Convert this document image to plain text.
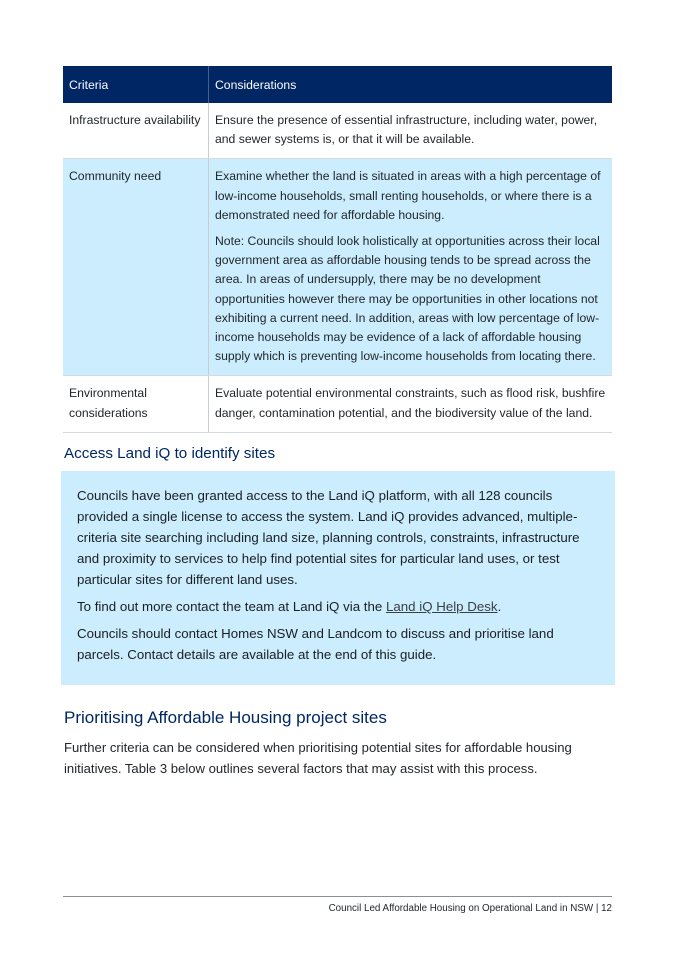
Criteria	Considerations
Infrastructure availability	Ensure the presence of essential infrastructure, including water, power, and sewer systems is, or that it will be available.

Community need	Examine whether the land is situated in areas with a high percentage of low-income households, small renting households, or where there is a demonstrated need for affordable housing.

Note: Councils should look holistically at opportunities across their local government area as affordable housing tends to be spread across the area. In areas of undersupply, there may be no development opportunities however there may be opportunities in other locations not exhibiting a current need. In addition, areas with low percentage of low-income households may be evidence of a lack of affordable housing supply which is preventing low-income households from locating there.

Environmental considerations	Evaluate potential environmental constraints, such as flood risk, bushfire danger, contamination potential, and the biodiversity value of the land.

Access Land iQ to identify sites

Councils have been granted access to the Land iQ platform, with all 128 councils provided a single license to access the system. Land iQ provides advanced, multiple-criteria site searching including land size, planning controls, constraints, infrastructure and proximity to services to help find potential sites for particular land uses, or test particular sites for different land uses.

To find out more contact the team at Land iQ via the Land iQ Help Desk.

Councils should contact Homes NSW and Landcom to discuss and prioritise land parcels. Contact details are available at the end of this guide.

Prioritising Affordable Housing project sites

Further criteria can be considered when prioritising potential sites for affordable housing initiatives. Table 3 below outlines several factors that may assist with this process.

Council Led Affordable Housing on Operational Land in NSW | 12
